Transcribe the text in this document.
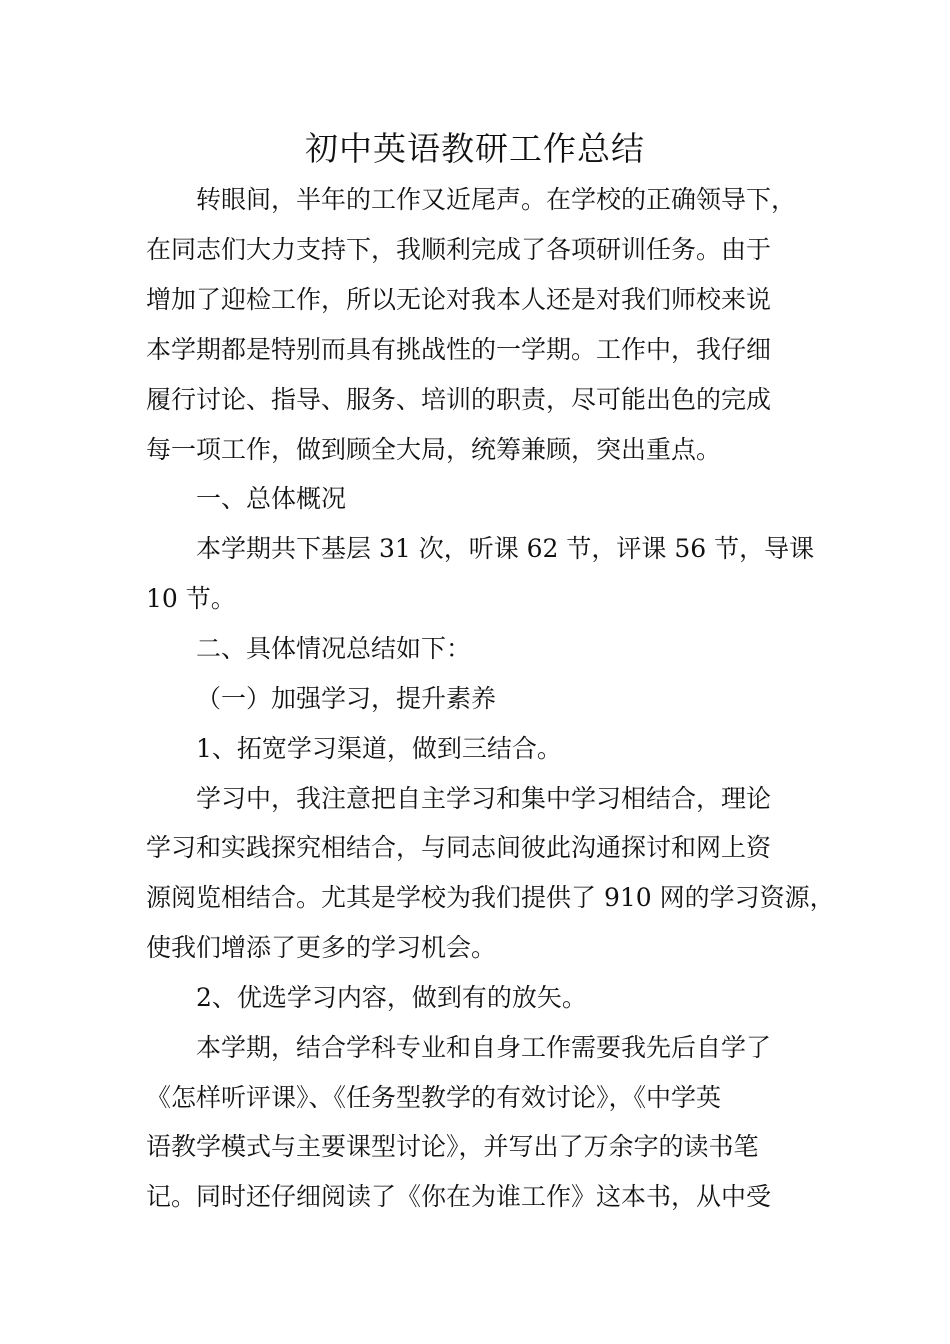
初中英语教研工作总结
转眼间，半年的工作又近尾声。在学校的正确领导下，
在同志们大力支持下，我顺利完成了各项研训任务。由于
增加了迎检工作，所以无论对我本人还是对我们师校来说
本学期都是特别而具有挑战性的一学期。工作中，我仔细
履行讨论、指导、服务、培训的职责，尽可能出色的完成
每一项工作，做到顾全大局，统筹兼顾，突出重点。
一、总体概况
本学期共下基层 31 次，听课 62 节，评课 56 节，导课
10 节。
二、具体情况总结如下：
（一）加强学习，提升素养
1、拓宽学习渠道，做到三结合。
学习中，我注意把自主学习和集中学习相结合，理论
学习和实践探究相结合，与同志间彼此沟通探讨和网上资
源阅览相结合。尤其是学校为我们提供了 910 网的学习资源，
使我们增添了更多的学习机会。
2、优选学习内容，做到有的放矢。
本学期，结合学科专业和自身工作需要我先后自学了
《怎样听评课》、《任务型教学的有效讨论》，《中学英
语教学模式与主要课型讨论》，并写出了万余字的读书笔
记。同时还仔细阅读了《你在为谁工作》这本书，从中受
